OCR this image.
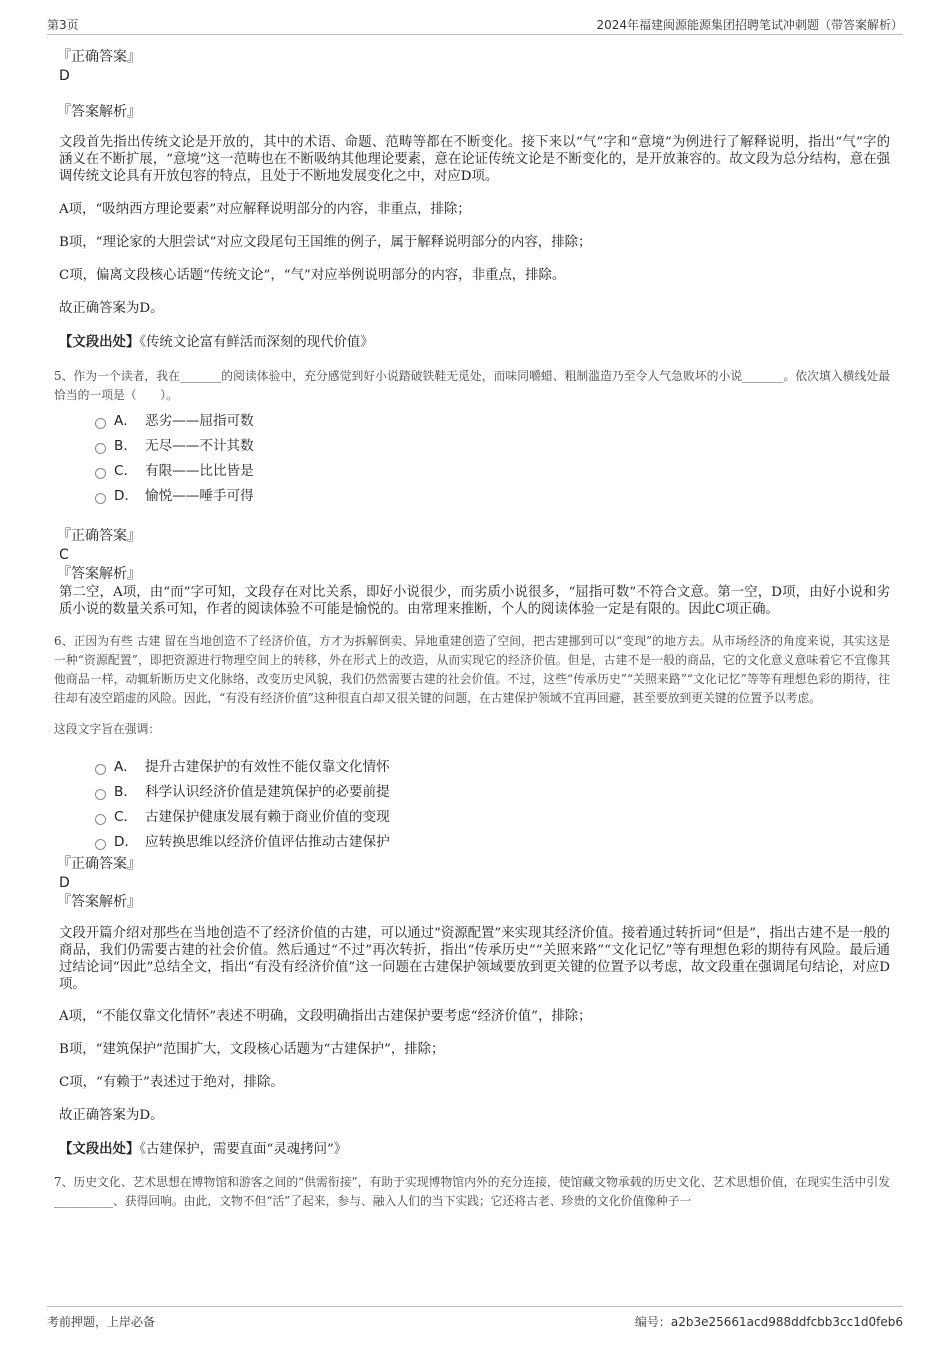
第3页	2024年福建闽源能源集团招聘笔试冲刺题（带答案解析）

『正确答案』

D

『答案解析』

文段首先指出传统文论是开放的，其中的术语、命题、范畴等都在不断变化。接下来以“气”字和“意境”为例进行了解释说明，指出“气”字的涵义在不断扩展，“意境”这一范畴也在不断吸纳其他理论要素，意在论证传统文论是不断变化的，是开放兼容的。故文段为总分结构，意在强调传统文论具有开放包容的特点，且处于不断地发展变化之中，对应D项。

A项，“吸纳西方理论要素”对应解释说明部分的内容，非重点，排除；

B项，“理论家的大胆尝试”对应文段尾句王国维的例子，属于解释说明部分的内容，排除；

C项，偏离文段核心话题“传统文论”，“气”对应举例说明部分的内容，非重点，排除。

故正确答案为D。

【文段出处】《传统文论富有鲜活而深刻的现代价值》

5、作为一个读者，我在_______的阅读体验中，充分感觉到好小说踏破铁鞋无觅处，而味同嚼蜡、粗制滥造乃至令人气急败坏的小说_______。依次填入横线处最恰当的一项是（　　）。

A． 恶劣——屈指可数
B． 无尽——不计其数
C． 有限——比比皆是
D． 愉悦——唾手可得

『正确答案』

C

『答案解析』

第二空，A项，由“而”字可知，文段存在对比关系，即好小说很少，而劣质小说很多，“屈指可数”不符合文意。第一空，D项，由好小说和劣质小说的数量关系可知，作者的阅读体验不可能是愉悦的。由常理来推断，个人的阅读体验一定是有限的。因此C项正确。

6、正因为有些 古建 留在当地创造不了经济价值，方才为拆解倒卖、异地重建创造了空间，把古建挪到可以“变现”的地方去。从市场经济的角度来说，其实这是一种“资源配置”，即把资源进行物理空间上的转移，外在形式上的改造，从而实现它的经济价值。但是，古建不是一般的商品，它的文化意义意味着它不宜像其他商品一样，动辄斩断历史文化脉络，改变历史风貌，我们仍然需要古建的社会价值。不过，这些“传承历史”“关照来路”“文化记忆”等等有理想色彩的期待，往往却有凌空蹈虚的风险。因此，“有没有经济价值”这种很直白却又很关键的问题，在古建保护领域不宜再回避，甚至要放到更关键的位置予以考虑。

这段文字旨在强调：

A． 提升古建保护的有效性不能仅靠文化情怀
B． 科学认识经济价值是建筑保护的必要前提
C． 古建保护健康发展有赖于商业价值的变现
D． 应转换思维以经济价值评估推动古建保护

『正确答案』

D

『答案解析』

文段开篇介绍对那些在当地创造不了经济价值的古建，可以通过“资源配置”来实现其经济价值。接着通过转折词“但是”，指出古建不是一般的商品，我们仍需要古建的社会价值。然后通过“不过”再次转折，指出“传承历史”“关照来路”“文化记忆”等有理想色彩的期待有风险。最后通过结论词“因此”总结全文，指出“有没有经济价值”这一问题在古建保护领域要放到更关键的位置予以考虑，故文段重在强调尾句结论，对应D项。

A项，“不能仅靠文化情怀”表述不明确，文段明确指出古建保护要考虑“经济价值”，排除；

B项，“建筑保护”范围扩大，文段核心话题为“古建保护”，排除；

C项，“有赖于”表述过于绝对，排除。

故正确答案为D。

【文段出处】《古建保护，需要直面“灵魂拷问”》

7、历史文化、艺术思想在博物馆和游客之间的“供需衔接”，有助于实现博物馆内外的充分连接，使馆藏文物承载的历史文化、艺术思想价值，在现实生活中引发 __________、获得回响。由此，文物不但“活”了起来，参与、融入人们的当下实践；它还将古老、珍贵的文化价值像种子一

考前押题，上岸必备	编号：a2b3e25661acd988ddfcbb3cc1d0feb6
